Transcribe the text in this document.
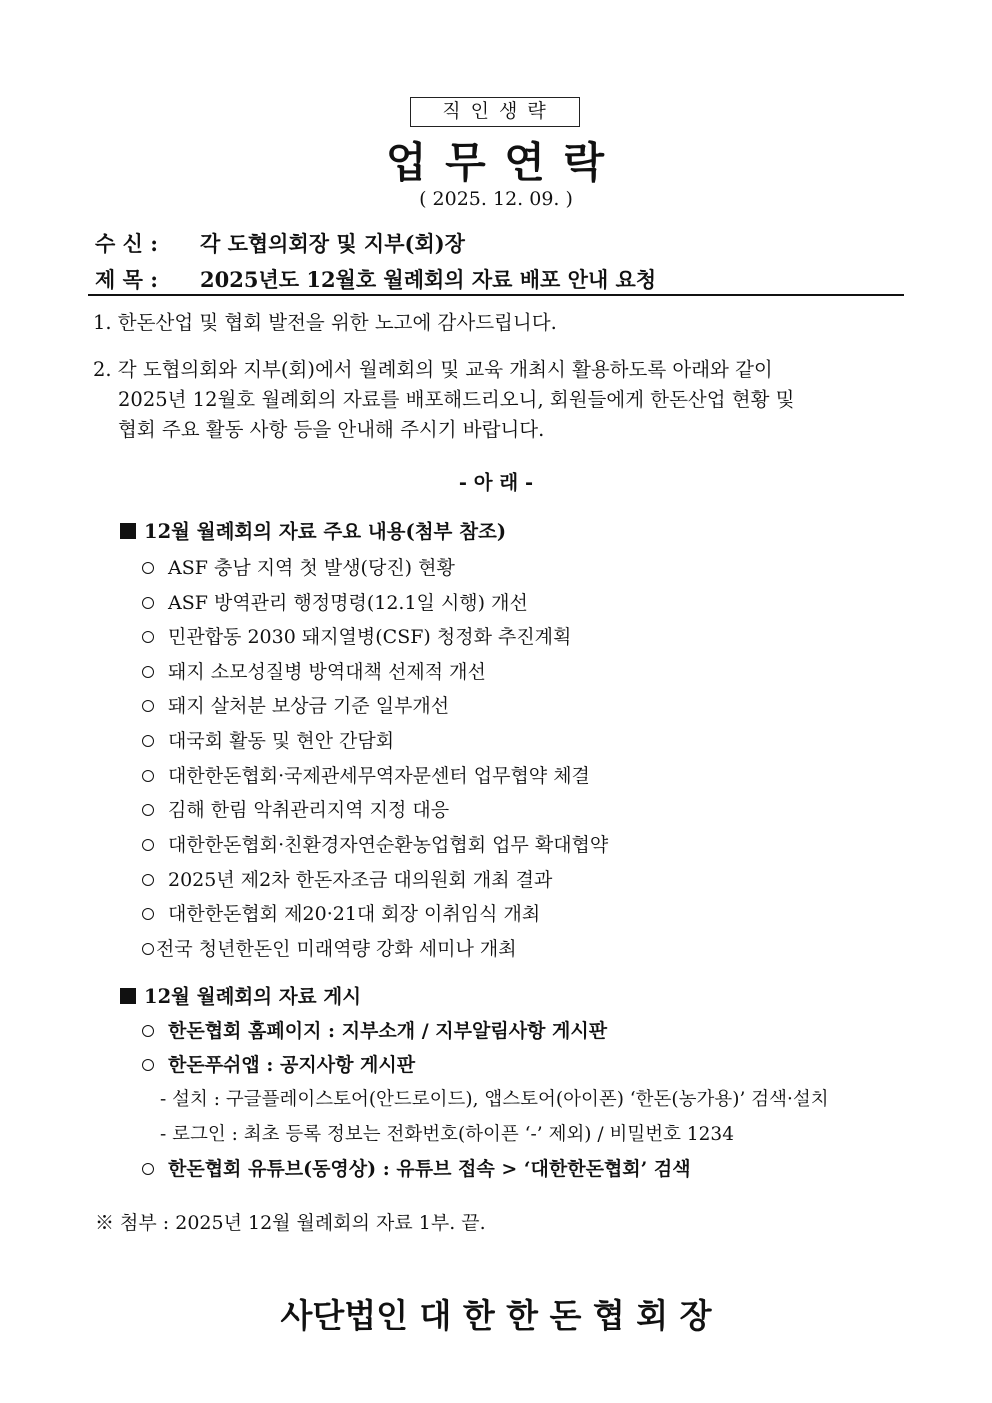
직 인 생 략
업 무 연 락
( 2025. 12. 09. )
수 신 : 각 도협의회장 및 지부(회)장
제 목 : 2025년도 12월호 월례회의 자료 배포 안내 요청
1. 한돈산업 및 협회 발전을 위한 노고에 감사드립니다.
2. 각 도협의회와 지부(회)에서 월례회의 및 교육 개최시 활용하도록 아래와 같이
2025년 12월호 월례회의 자료를 배포해드리오니, 회원들에게 한돈산업 현황 및
협회 주요 활동 사항 등을 안내해 주시기 바랍니다.
- 아 래 -
12월 월례회의 자료 주요 내용(첨부 참조)
ASF 충남 지역 첫 발생(당진) 현황
ASF 방역관리 행정명령(12.1일 시행) 개선
민관합동 2030 돼지열병(CSF) 청정화 추진계획
돼지 소모성질병 방역대책 선제적 개선
돼지 살처분 보상금 기준 일부개선
대국회 활동 및 현안 간담회
대한한돈협회·국제관세무역자문센터 업무협약 체결
김해 한림 악취관리지역 지정 대응
대한한돈협회·친환경자연순환농업협회 업무 확대협약
2025년 제2차 한돈자조금 대의원회 개최 결과
대한한돈협회 제20·21대 회장 이취임식 개최
전국 청년한돈인 미래역량 강화 세미나 개최
12월 월례회의 자료 게시
한돈협회 홈페이지 : 지부소개 / 지부알림사항 게시판
한돈푸쉬앱 : 공지사항 게시판
- 설치 : 구글플레이스토어(안드로이드), 앱스토어(아이폰) ‘한돈(농가용)’ 검색·설치
- 로그인 : 최초 등록 정보는 전화번호(하이픈 ‘-’ 제외) / 비밀번호 1234
한돈협회 유튜브(동영상) : 유튜브 접속 > ‘대한한돈협회’ 검색
※ 첨부 : 2025년 12월 월례회의 자료 1부. 끝.
사단법인 대 한 한 돈 협 회 장
